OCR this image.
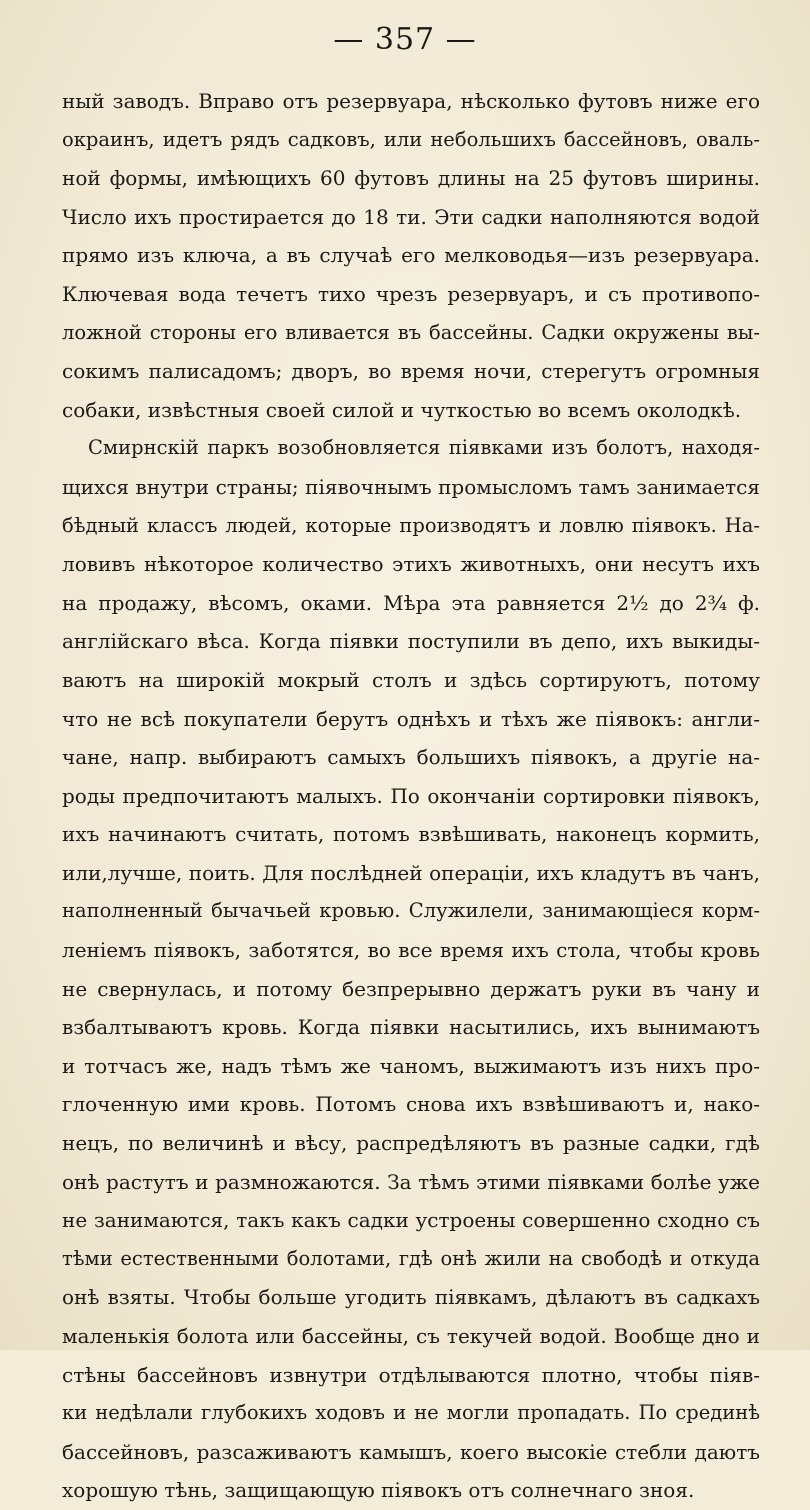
— 357 —
ный заводъ. Вправо отъ резервуара, нѣсколько футовъ ниже его
окраинъ, идетъ рядъ садковъ, или небольшихъ бассейновъ, оваль-
ной формы, имѣющихъ 60 футовъ длины на 25 футовъ ширины.
Число ихъ простирается до 18 ти. Эти садки наполняются водой
прямо изъ ключа, а въ случаѣ его мелководья—изъ резервуара.
Ключевая вода течетъ тихо чрезъ резервуаръ, и съ противопо-
ложной стороны его вливается въ бассейны. Садки окружены вы-
сокимъ палисадомъ; дворъ, во время ночи, стерегутъ огромныя
собаки, извѣстныя своей силой и чуткостью во всемъ околодкѣ.
Смирнскій паркъ возобновляется піявками изъ болотъ, находя-
щихся внутри страны; піявочнымъ промысломъ тамъ занимается
бѣдный классъ людей, которые производятъ и ловлю піявокъ. На-
ловивъ нѣкоторое количество этихъ животныхъ, они несутъ ихъ
на продажу, вѣсомъ, оками. Мѣра эта равняется 2½ до 2¾ ф.
англійскаго вѣса. Когда піявки поступили въ депо, ихъ выкиды-
ваютъ на широкій мокрый столъ и здѣсь сортируютъ, потому
что не всѣ покупатели берутъ однѣхъ и тѣхъ же піявокъ: англи-
чане, напр. выбираютъ самыхъ большихъ піявокъ, а другіе на-
роды предпочитаютъ малыхъ. По окончаніи сортировки піявокъ,
ихъ начинаютъ считать, потомъ взвѣшивать, наконецъ кормить,
или,лучше, поить. Для послѣдней операціи, ихъ кладутъ въ чанъ,
наполненный бычачьей кровью. Служилели, занимающіеся корм-
леніемъ піявокъ, заботятся, во все время ихъ стола, чтобы кровь
не свернулась, и потому безпрерывно держатъ руки въ чану и
взбалтываютъ кровь. Когда піявки насытились, ихъ вынимаютъ
и тотчасъ же, надъ тѣмъ же чаномъ, выжимаютъ изъ нихъ про-
глоченную ими кровь. Потомъ снова ихъ взвѣшиваютъ и, нако-
нецъ, по величинѣ и вѣсу, распредѣляютъ въ разные садки, гдѣ
онѣ растутъ и размножаются. За тѣмъ этими піявками болѣе уже
не занимаются, такъ какъ садки устроены совершенно сходно съ
тѣми естественными болотами, гдѣ онѣ жили на свободѣ и откуда
онѣ взяты. Чтобы больше угодить піявкамъ, дѣлаютъ въ садкахъ
маленькія болота или бассейны, съ текучей водой. Вообще дно и
стѣны бассейновъ извнутри отдѣлываются плотно, чтобы піяв-
ки недѣлали глубокихъ ходовъ и не могли пропадать. По срединѣ
бассейновъ, разсаживаютъ камышъ, коего высокіе стебли даютъ
хорошую тѣнь, защищающую піявокъ отъ солнечнаго зноя.
